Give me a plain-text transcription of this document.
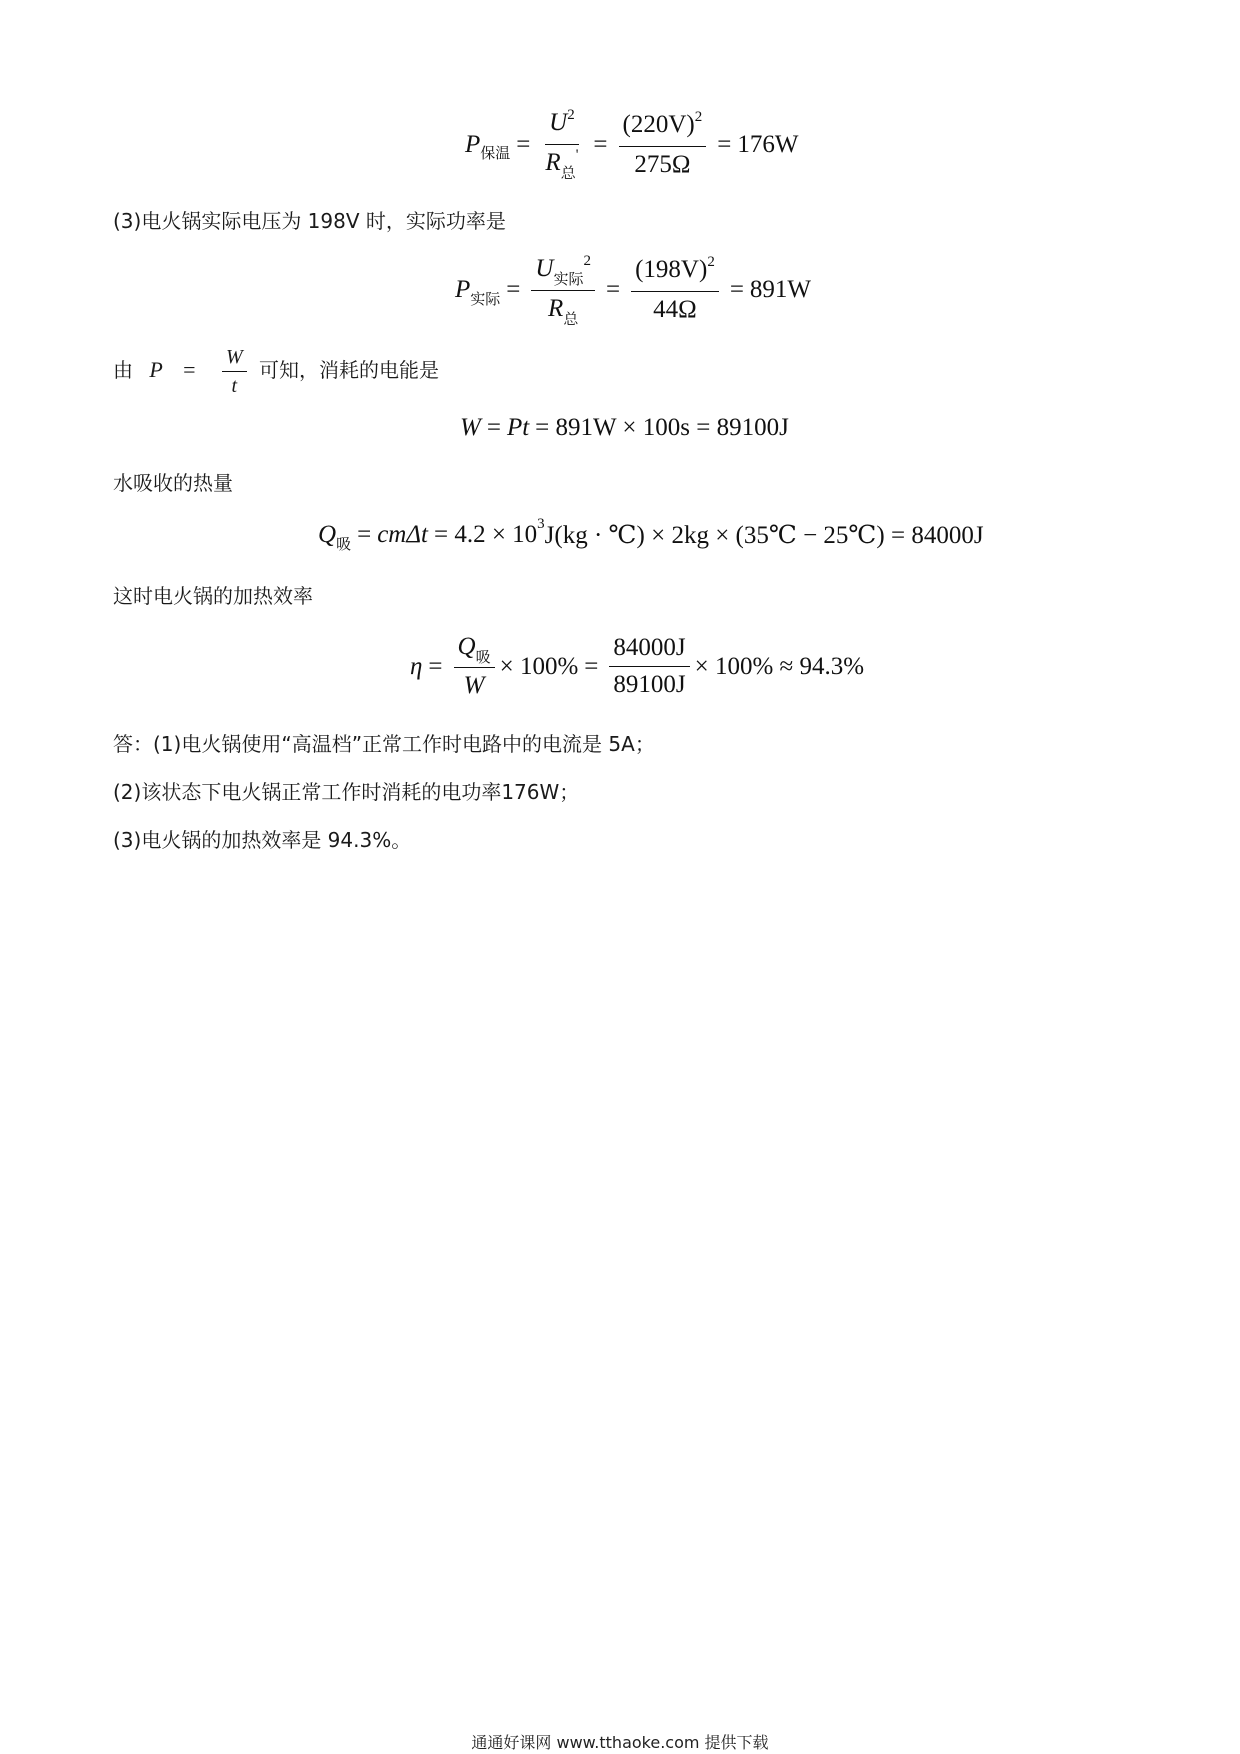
P 保温 = $\frac{U^2}{R_总'} = \frac{(220V)^2}{275\Omega} = 176W$
(3)电火锅实际电压为 198V 时，实际功率是
P 实际 = $\frac{U_{实际}^2}{R_总} = \frac{(198V)^2}{44\Omega} = 891W$
由 $P = \frac{W}{t}$ 可知，消耗的电能是
W = Pt = 891W × 100s = 89100J
水吸收的热量
Q 吸 = cmΔt = 4.2 × 10 3 J(kg · ℃) × 2kg × (35℃ − 25℃) = 84000J
这时电火锅的加热效率
$\eta = \frac{Q_吸}{W} \times 100\% = \frac{84000J}{89100J} \times 100\% \approx 94.3\%$
答：(1)电火锅使用“高温档”正常工作时电路中的电流是 5A；
(2)该状态下电火锅正常工作时消耗的电功率176W；
(3)电火锅的加热效率是 94.3%。
通通好课网 www.tthaoke.com 提供下载
